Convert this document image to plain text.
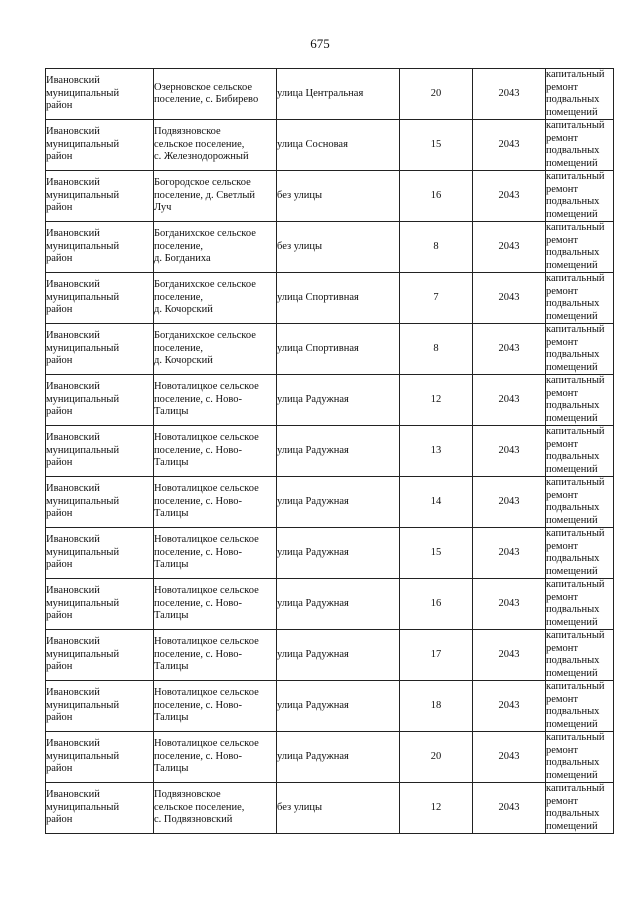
675
Ивановский
муниципальный
район	Озерновское сельское
поселение, с. Бибирево	улица Центральная	20	2043	капитальный
ремонт
подвальных
помещений

Ивановский
муниципальный
район	Подвязновское
сельское поселение,
с. Железнодорожный	улица Сосновая	15	2043	капитальный
ремонт
подвальных
помещений

Ивановский
муниципальный
район	Богородское сельское
поселение, д. Светлый
Луч	без улицы	16	2043	капитальный
ремонт
подвальных
помещений

Ивановский
муниципальный
район	Богданихское сельское
поселение,
д. Богданиха	без улицы	8	2043	капитальный
ремонт
подвальных
помещений

Ивановский
муниципальный
район	Богданихское сельское
поселение,
д. Кочорский	улица Спортивная	7	2043	капитальный
ремонт
подвальных
помещений

Ивановский
муниципальный
район	Богданихское сельское
поселение,
д. Кочорский	улица Спортивная	8	2043	капитальный
ремонт
подвальных
помещений

Ивановский
муниципальный
район	Новоталицкое сельское
поселение, с. Ново-
Талицы	улица Радужная	12	2043	капитальный
ремонт
подвальных
помещений

Ивановский
муниципальный
район	Новоталицкое сельское
поселение, с. Ново-
Талицы	улица Радужная	13	2043	капитальный
ремонт
подвальных
помещений

Ивановский
муниципальный
район	Новоталицкое сельское
поселение, с. Ново-
Талицы	улица Радужная	14	2043	капитальный
ремонт
подвальных
помещений

Ивановский
муниципальный
район	Новоталицкое сельское
поселение, с. Ново-
Талицы	улица Радужная	15	2043	капитальный
ремонт
подвальных
помещений

Ивановский
муниципальный
район	Новоталицкое сельское
поселение, с. Ново-
Талицы	улица Радужная	16	2043	капитальный
ремонт
подвальных
помещений

Ивановский
муниципальный
район	Новоталицкое сельское
поселение, с. Ново-
Талицы	улица Радужная	17	2043	капитальный
ремонт
подвальных
помещений

Ивановский
муниципальный
район	Новоталицкое сельское
поселение, с. Ново-
Талицы	улица Радужная	18	2043	капитальный
ремонт
подвальных
помещений

Ивановский
муниципальный
район	Новоталицкое сельское
поселение, с. Ново-
Талицы	улица Радужная	20	2043	капитальный
ремонт
подвальных
помещений

Ивановский
муниципальный
район	Подвязновское
сельское поселение,
с. Подвязновский	без улицы	12	2043	капитальный
ремонт
подвальных
помещений
